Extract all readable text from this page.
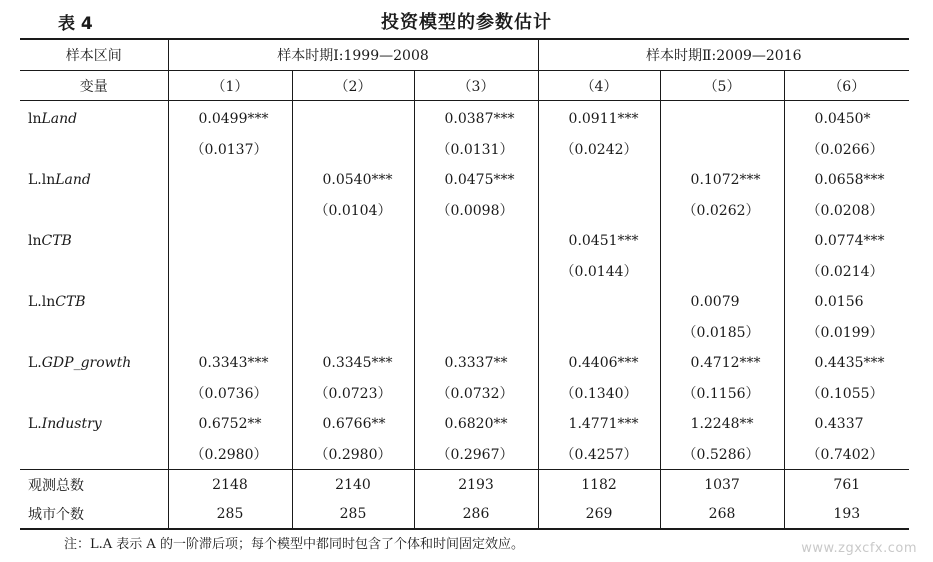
表 4	投资模型的参数估计
样本区间	样本时期Ⅰ:1999—2008			样本时期Ⅱ:2009—2016		
变量	（1）	（2）	（3）	（4）	（5）	（6）
lnLand	0.0499***		0.0387***	0.0911***		0.0450*
	（0.0137）		（0.0131）	（0.0242）		（0.0266）
L.lnLand		0.0540***	0.0475***		0.1072***	0.0658***
		（0.0104）	（0.0098）		（0.0262）	（0.0208）
lnCTB				0.0451***		0.0774***
				（0.0144）		（0.0214）
L.lnCTB					0.0079	0.0156
					（0.0185）	（0.0199）
L.GDP_growth	0.3343***	0.3345***	0.3337**	0.4406***	0.4712***	0.4435***
	（0.0736）	（0.0723）	（0.0732）	（0.1340）	（0.1156）	（0.1055）
L.Industry	0.6752**	0.6766**	0.6820**	1.4771***	1.2248**	0.4337
	（0.2980）	（0.2980）	（0.2967）	（0.4257）	（0.5286）	（0.7402）
观测总数	2148	2140	2193	1182	1037	761
城市个数	285	285	286	269	268	193
注：L.A 表示 A 的一阶滞后项；每个模型中都同时包含了个体和时间固定效应。	www.zgxcfx.com
